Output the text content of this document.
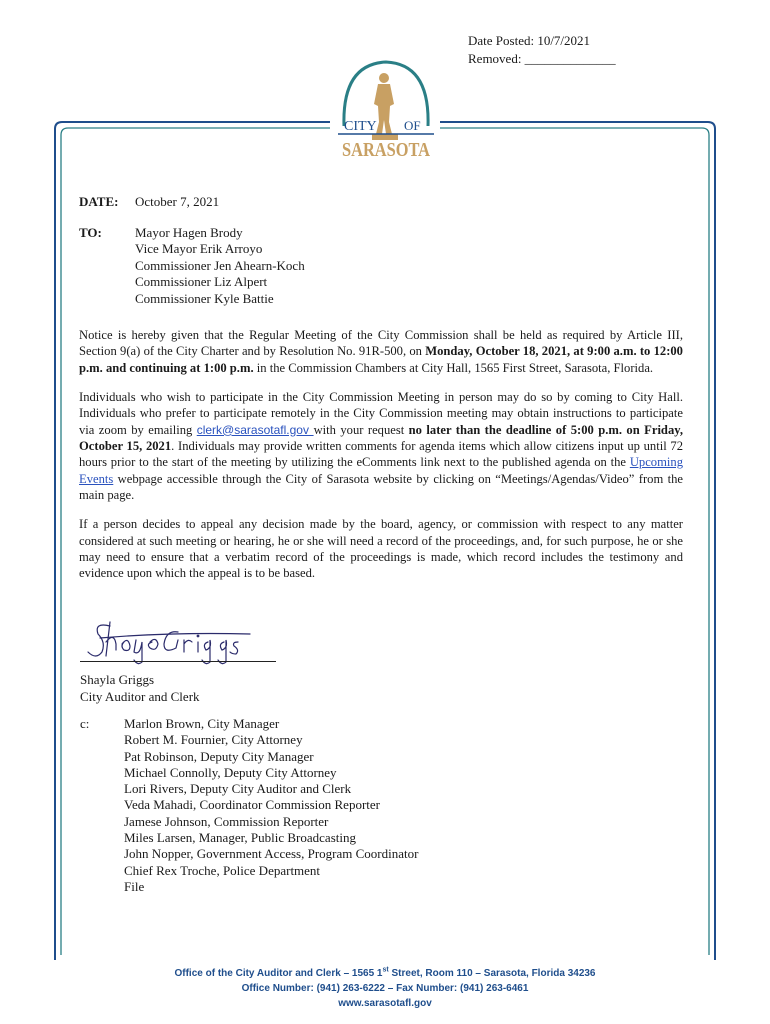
Date Posted: 10/7/2021
Removed: ______________
CITY OF
SARASOTA
DATE:	October 7, 2021
TO:	Mayor Hagen Brody
Vice Mayor Erik Arroyo
Commissioner Jen Ahearn-Koch
Commissioner Liz Alpert
Commissioner Kyle Battie

Notice is hereby given that the Regular Meeting of the City Commission shall be held as required by Article III, Section 9(a) of the City Charter and by Resolution No. 91R-500, on Monday, October 18, 2021, at 9:00 a.m. to 12:00 p.m. and continuing at 1:00 p.m. in the Commission Chambers at City Hall, 1565 First Street, Sarasota, Florida.

Individuals who wish to participate in the City Commission Meeting in person may do so by coming to City Hall. Individuals who prefer to participate remotely in the City Commission meeting may obtain instructions to participate via zoom by emailing clerk@sarasotafl.gov with your request no later than the deadline of 5:00 p.m. on Friday, October 15, 2021. Individuals may provide written comments for agenda items which allow citizens input up until 72 hours prior to the start of the meeting by utilizing the eComments link next to the published agenda on the Upcoming Events webpage accessible through the City of Sarasota website by clicking on “Meetings/Agendas/Video” from the main page.

If a person decides to appeal any decision made by the board, agency, or commission with respect to any matter considered at such meeting or hearing, he or she will need a record of the proceedings, and, for such purpose, he or she may need to ensure that a verbatim record of the proceedings is made, which record includes the testimony and evidence upon which the appeal is to be based.

Shayla Griggs
City Auditor and Clerk
c:	Marlon Brown, City Manager
Robert M. Fournier, City Attorney
Pat Robinson, Deputy City Manager
Michael Connolly, Deputy City Attorney
Lori Rivers, Deputy City Auditor and Clerk
Veda Mahadi, Coordinator Commission Reporter
Jamese Johnson, Commission Reporter
Miles Larsen, Manager, Public Broadcasting
John Nopper, Government Access, Program Coordinator
Chief Rex Troche, Police Department
File
Office of the City Auditor and Clerk – 1565 1st Street, Room 110 – Sarasota, Florida 34236
Office Number: (941) 263-6222 – Fax Number: (941) 263-6461
www.sarasotafl.gov
